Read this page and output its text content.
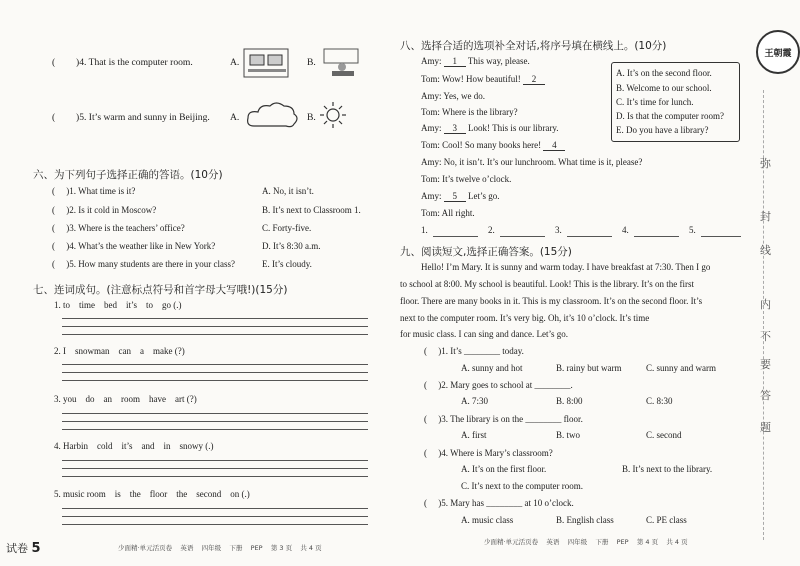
( )4. That is the computer room.	A.	B.
( )5. It’s warm and sunny in Beijing. A.	B.
六、为下列句子选择正确的答语。(10分)
(     )1. What time is it?	A. No, it isn’t.
(     )2. Is it cold in Moscow?	B. It’s next to Classroom 1.
(     )3. Where is the teachers’ office?	C. Forty-five.
(     )4. What’s the weather like in New York?	D. It’s 8:30 a.m.
(     )5. How many students are there in your class?	E. It’s cloudy.
七、连词成句。(注意标点符号和首字母大写哦!)(15分)
1. to    time    bed    it’s    to    go (.)
2. I    snowman    can    a    make (?)
3. you    do    an    room    have    art (?)
4. Harbin    cold    it’s    and    in    snowy (.)
5. music room    is    the    floor    the    second    on (.)
试卷 5	少面精·单元活页卷    英语    四年级    下册    PEP    第 3 页    共 4 页
八、选择合适的选项补全对话,将序号填在横线上。(10分)
Amy: 1 This way, please.
Tom: Wow! How beautiful! 2
Amy: Yes, we do.
Tom: Where is the library?
Amy: 3 Look! This is our library.
Tom: Cool! So many books here! 4
Amy: No, it isn’t. It’s our lunchroom. What time is it, please?
Tom: It’s twelve o’clock.
Amy: 5 Let’s go.
Tom: All right.
A. It’s on the second floor.
B. Welcome to our school.
C. It’s time for lunch.
D. Is that the computer room?
E. Do you have a library?
1.	2.	3.	4.	5.
九、阅读短文,选择正确答案。(15分)
Hello! I’m Mary. It is sunny and warm today. I have breakfast at 7:30. Then I go
to school at 8:00. My school is beautiful. Look! This is the library. It’s on the first
floor. There are many books in it. This is my classroom. It’s on the second floor. It’s
next to the computer room. It’s very big. Oh, it’s 10 o’clock. It’s time
for music class. I can sing and dance. Let’s go.
(     )1. It’s ________ today.
A. sunny and hot	B. rainy but warm	C. sunny and warm
(     )2. Mary goes to school at ________.
A. 7:30	B. 8:00	C. 8:30
(     )3. The library is on the ________ floor.
A. first	B. two	C. second
(     )4. Where is Mary’s classroom?
A. It’s on the first floor.	B. It’s next to the library.
C. It’s next to the computer room.
(     )5. Mary has ________ at 10 o’clock.
A. music class	B. English class	C. PE class
少面精·单元活页卷    英语    四年级    下册    PEP    第 4 页    共 4 页
王朝霞
弥
封
线
内
不
要
答
题
